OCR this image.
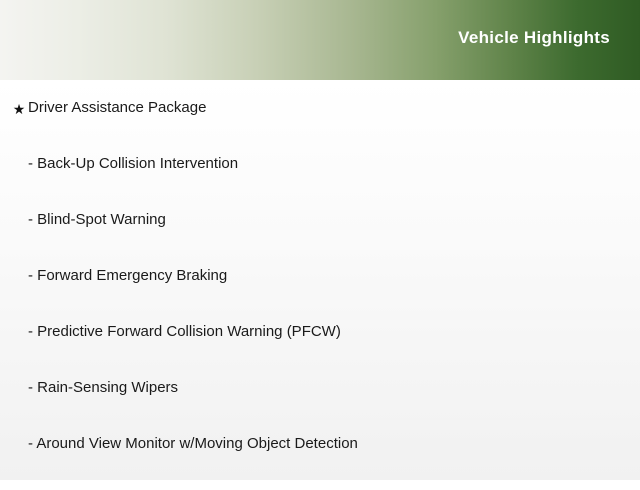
Vehicle Highlights
★ Driver Assistance Package
- Back-Up Collision Intervention
- Blind-Spot Warning
- Forward Emergency Braking
- Predictive Forward Collision Warning (PFCW)
- Rain-Sensing Wipers
- Around View Monitor w/Moving Object Detection
